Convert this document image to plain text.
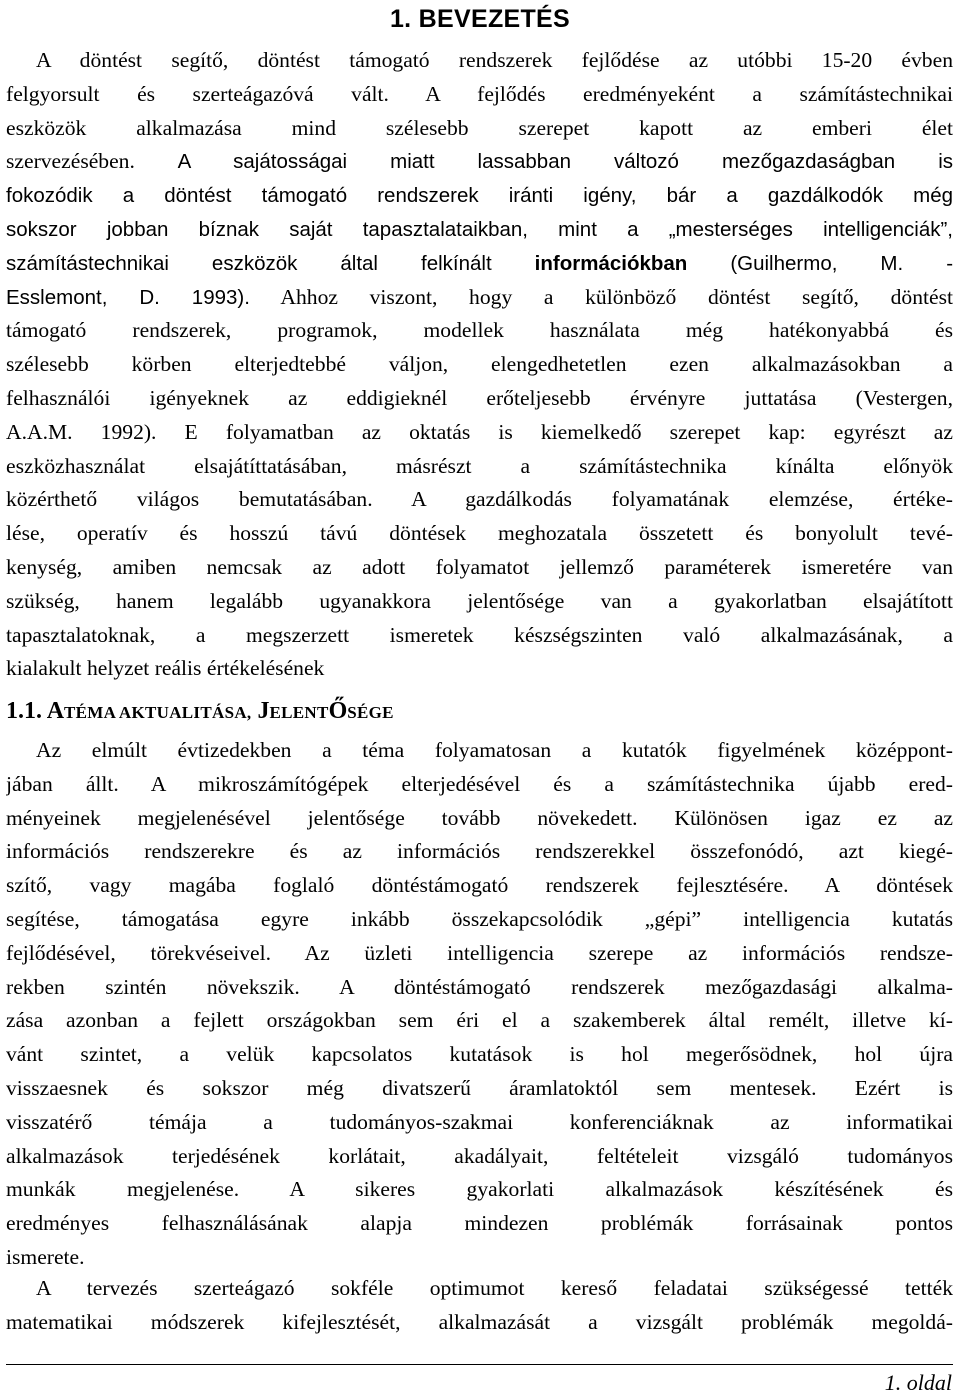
1. BEVEZETÉS
A döntést segítő, döntést támogató rendszerek fejlődése az utóbbi 15-20 évben
felgyorsult és szerteágazóvá vált. A fejlődés eredményeként a számítástechnikai
eszközök alkalmazása mind szélesebb szerepet kapott az emberi élet
szervezésében. A sajátosságai miatt lassabban változó mezőgazdaságban is
fokozódik a döntést támogató rendszerek iránti igény, bár a gazdálkodók még
sokszor jobban bíznak saját tapasztalataikban, mint a „mesterséges intelligenciák”,
számítástechnikai eszközök által felkínált információkban (Guilhermo, M. -
Esslemont, D. 1993). Ahhoz viszont, hogy a különböző döntést segítő, döntést
támogató rendszerek, programok, modellek használata még hatékonyabbá és
szélesebb körben elterjedtebbé váljon, elengedhetetlen ezen alkalmazásokban a
felhasználói igényeknek az eddigieknél erőteljesebb érvényre juttatása (Vestergen,
A.A.M. 1992). E folyamatban az oktatás is kiemelkedő szerepet kap: egyrészt az
eszközhasználat elsajátíttatásában, másrészt a számítástechnika kínálta előnyök
közérthető világos bemutatásában. A gazdálkodás folyamatának elemzése, értéke-
lése, operatív és hosszú távú döntések meghozatala összetett és bonyolult tevé-
kenység, amiben nemcsak az adott folyamatot jellemző paraméterek ismeretére van
szükség, hanem legalább ugyanakkora jelentősége van a gyakorlatban elsajátított
tapasztalatoknak, a megszerzett ismeretek készségszinten való alkalmazásának, a
kialakult helyzet reális értékelésének
1.1. ATÉMA AKTUALITÁSA, JELENTŐSÉGE
Az elmúlt évtizedekben a téma folyamatosan a kutatók figyelmének középpont-
jában állt. A mikroszámítógépek elterjedésével és a számítástechnika újabb ered-
ményeinek megjelenésével jelentősége tovább növekedett. Különösen igaz ez az
információs rendszerekre és az információs rendszerekkel összefonódó, azt kiegé-
szítő, vagy magába foglaló döntéstámogató rendszerek fejlesztésére. A döntések
segítése, támogatása egyre inkább összekapcsolódik „gépi” intelligencia kutatás
fejlődésével, törekvéseivel. Az üzleti intelligencia szerepe az információs rendsze-
rekben szintén növekszik. A döntéstámogató rendszerek mezőgazdasági alkalma-
zása azonban a fejlett országokban sem éri el a szakemberek által remélt, illetve kí-
vánt szintet, a velük kapcsolatos kutatások is hol megerősödnek, hol újra
visszaesnek és sokszor még divatszerű áramlatoktól sem mentesek. Ezért is
visszatérő témája a tudományos-szakmai konferenciáknak az informatikai
alkalmazások terjedésének korlátait, akadályait, feltételeit vizsgáló tudományos
munkák megjelenése. A sikeres gyakorlati alkalmazások készítésének és
eredményes felhasználásának alapja mindezen problémák forrásainak pontos
ismerete.
A tervezés szerteágazó sokféle optimumot kereső feladatai szükségessé tették
matematikai módszerek kifejlesztését, alkalmazását a vizsgált problémák megoldá-

1. oldal
